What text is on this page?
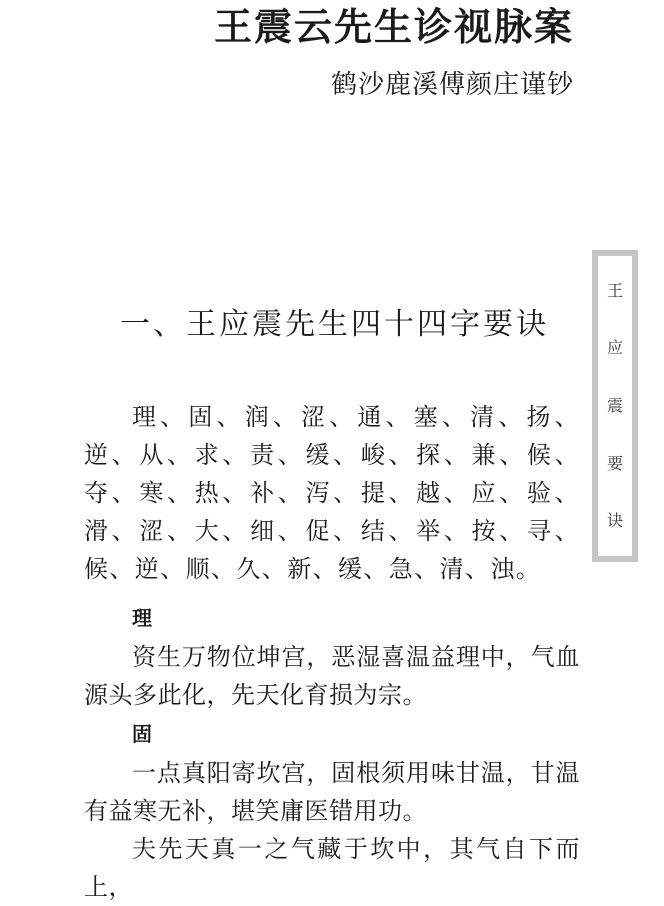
王震云先生诊视脉案
鹤沙鹿溪傅颜庄谨钞
一、王应震先生四十四字要诀
王
应
震
要
诀

理、固、润、涩、通、塞、清、扬、逆、从、求、责、缓、峻、探、兼、候、夺、寒、热、补、泻、提、越、应、验、滑、涩、大、细、促、结、举、按、寻、候、逆、顺、久、新、缓、急、清、浊。

理

资生万物位坤宫，恶湿喜温益理中，气血源头多此化，先天化育损为宗。

固

一点真阳寄坎宫，固根须用味甘温，甘温有益寒无补，堪笑庸医错用功。

夫先天真一之气藏于坎中，其气自下而上，
